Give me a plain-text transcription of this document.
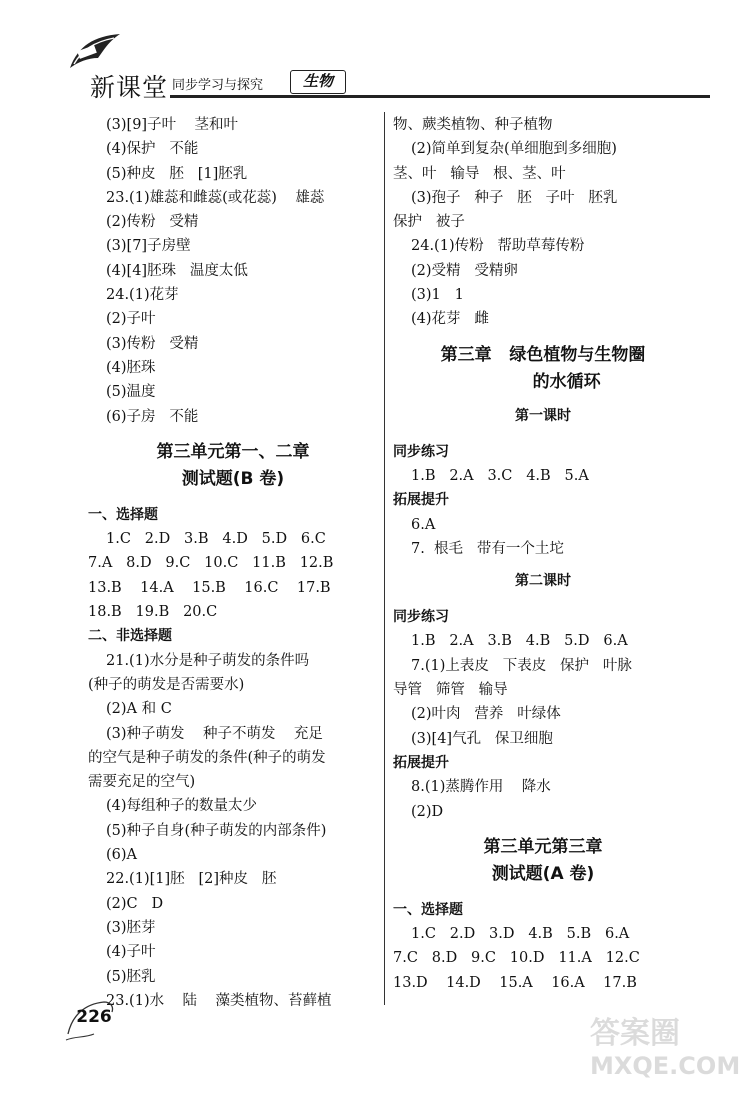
新课堂 同步学习与探究	生物
(3)[9]子叶    茎和叶
(4)保护   不能
(5)种皮   胚   [1]胚乳
23.(1)雄蕊和雌蕊(或花蕊)    雄蕊
(2)传粉   受精
(3)[7]子房壁
(4)[4]胚珠   温度太低
24.(1)花芽
(2)子叶
(3)传粉   受精
(4)胚珠
(5)温度
(6)子房   不能
第三单元第一、二章
测试题(B 卷)
一、选择题
1.C   2.D   3.B   4.D   5.D   6.C
7.A   8.D   9.C   10.C   11.B   12.B
13.B    14.A    15.B    16.C    17.B
18.B   19.B   20.C
二、非选择题
21.(1)水分是种子萌发的条件吗
(种子的萌发是否需要水)
(2)A 和 C
(3)种子萌发    种子不萌发    充足
的空气是种子萌发的条件(种子的萌发
需要充足的空气)
(4)每组种子的数量太少
(5)种子自身(种子萌发的内部条件)
(6)A
22.(1)[1]胚   [2]种皮   胚
(2)C   D
(3)胚芽
(4)子叶
(5)胚乳
23.(1)水    陆    藻类植物、苔藓植
物、蕨类植物、种子植物
(2)简单到复杂(单细胞到多细胞)
茎、叶   输导   根、茎、叶
(3)孢子   种子   胚   子叶   胚乳
保护   被子
24.(1)传粉   帮助草莓传粉
(2)受精   受精卵
(3)1   1
(4)花芽   雌
第三章   绿色植物与生物圈
的水循环
第一课时
同步练习
1.B   2.A   3.C   4.B   5.A
拓展提升
6.A
7.  根毛   带有一个土坨
第二课时
同步练习
1.B   2.A   3.B   4.B   5.D   6.A
7.(1)上表皮   下表皮   保护   叶脉
导管   筛管   输导
(2)叶肉   营养   叶绿体
(3)[4]气孔   保卫细胞
拓展提升
8.(1)蒸腾作用    降水
(2)D
第三单元第三章
测试题(A 卷)
一、选择题
1.C   2.D   3.D   4.B   5.B   6.A
7.C   8.D   9.C   10.D   11.A   12.C
13.D    14.D    15.A    16.A    17.B
226	答案圈
MXQE.COM
